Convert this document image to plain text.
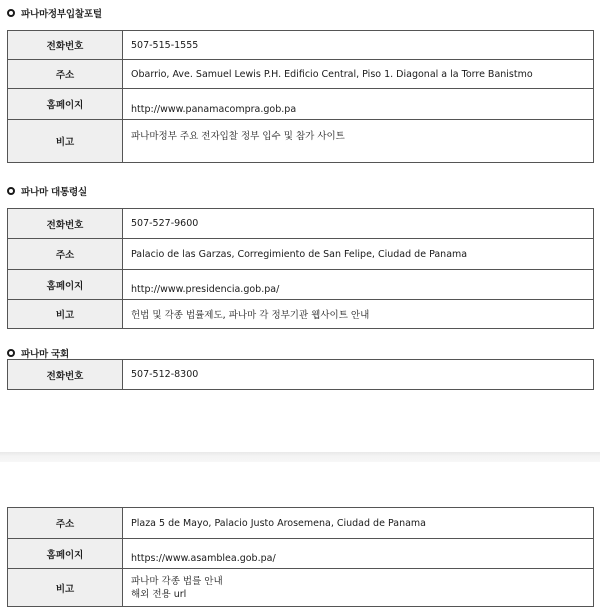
파나마정부입찰포털
전화번호	507-515-1555
주소	Obarrio, Ave. Samuel Lewis P.H. Edificio Central, Piso 1. Diagonal a la Torre Banistmo
홈페이지	http://www.panamacompra.gob.pa
비고	파나마정부 주요 전자입찰 정부 입수 및 참가 사이트
파나마 대통령실
전화번호	507-527-9600
주소	Palacio de las Garzas, Corregimiento de San Felipe, Ciudad de Panama
홈페이지	http://www.presidencia.gob.pa/
비고	헌법 및 각종 법률제도, 파나마 각 정부기관 웹사이트 안내
파나마 국회
전화번호	507-512-8300
주소	Plaza 5 de Mayo, Palacio Justo Arosemena, Ciudad de Panama
홈페이지	https://www.asamblea.gob.pa/
비고	파나마 각종 법를 안내
해외 전용 url
